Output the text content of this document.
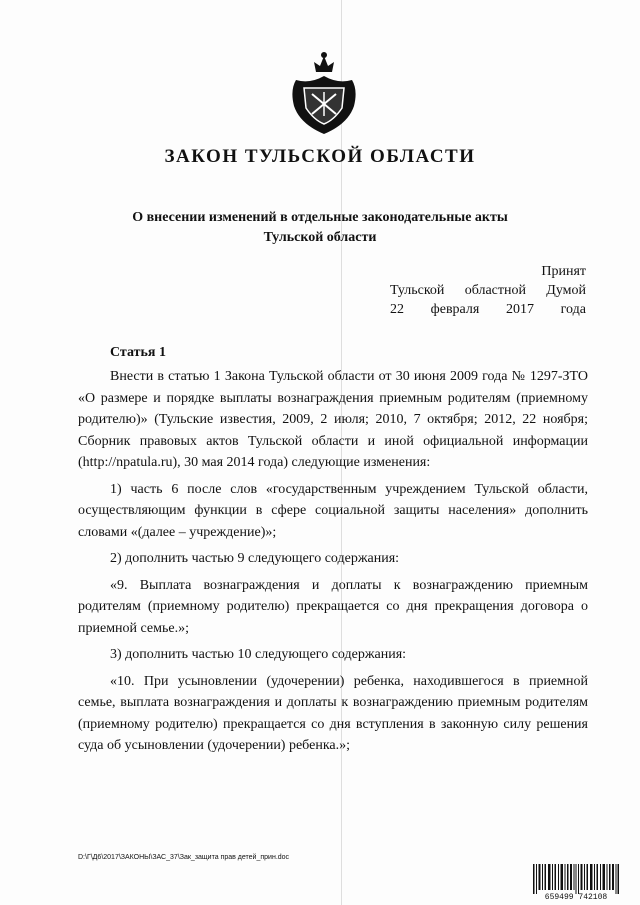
ЗАКОН ТУЛЬСКОЙ ОБЛАСТИ
О внесении изменений в отдельные законодательные акты
Тульской области
Принят
Тульской областной Думой
22 февраля 2017 года
Статья 1

Внести в статью 1 Закона Тульской области от 30 июня 2009 года № 1297-ЗТО «О размере и порядке выплаты вознаграждения приемным родителям (приемному родителю)» (Тульские известия, 2009, 2 июля; 2010, 7 октября; 2012, 22 ноября; Сборник правовых актов Тульской области и иной официальной информации (http://npatula.ru), 30 мая 2014 года) следующие изменения:

1) часть 6 после слов «государственным учреждением Тульской области, осуществляющим функции в сфере социальной защиты населения» дополнить словами «(далее – учреждение)»;

2) дополнить частью 9 следующего содержания:

«9. Выплата вознаграждения и доплаты к вознаграждению приемным родителям (приемному родителю) прекращается со дня прекращения договора о приемной семье.»;

3) дополнить частью 10 следующего содержания:

«10. При усыновлении (удочерении) ребенка, находившегося в приемной семье, выплата вознаграждения и доплаты к вознаграждению приемным родителям (приемному родителю) прекращается со дня вступления в законную силу решения суда об усыновлении (удочерении) ребенка.»;

D:\Г\Д6\2017\ЗАКОНЫ\ЗАС_37\Зак_защита прав детей_прин.doc
659499 742108
